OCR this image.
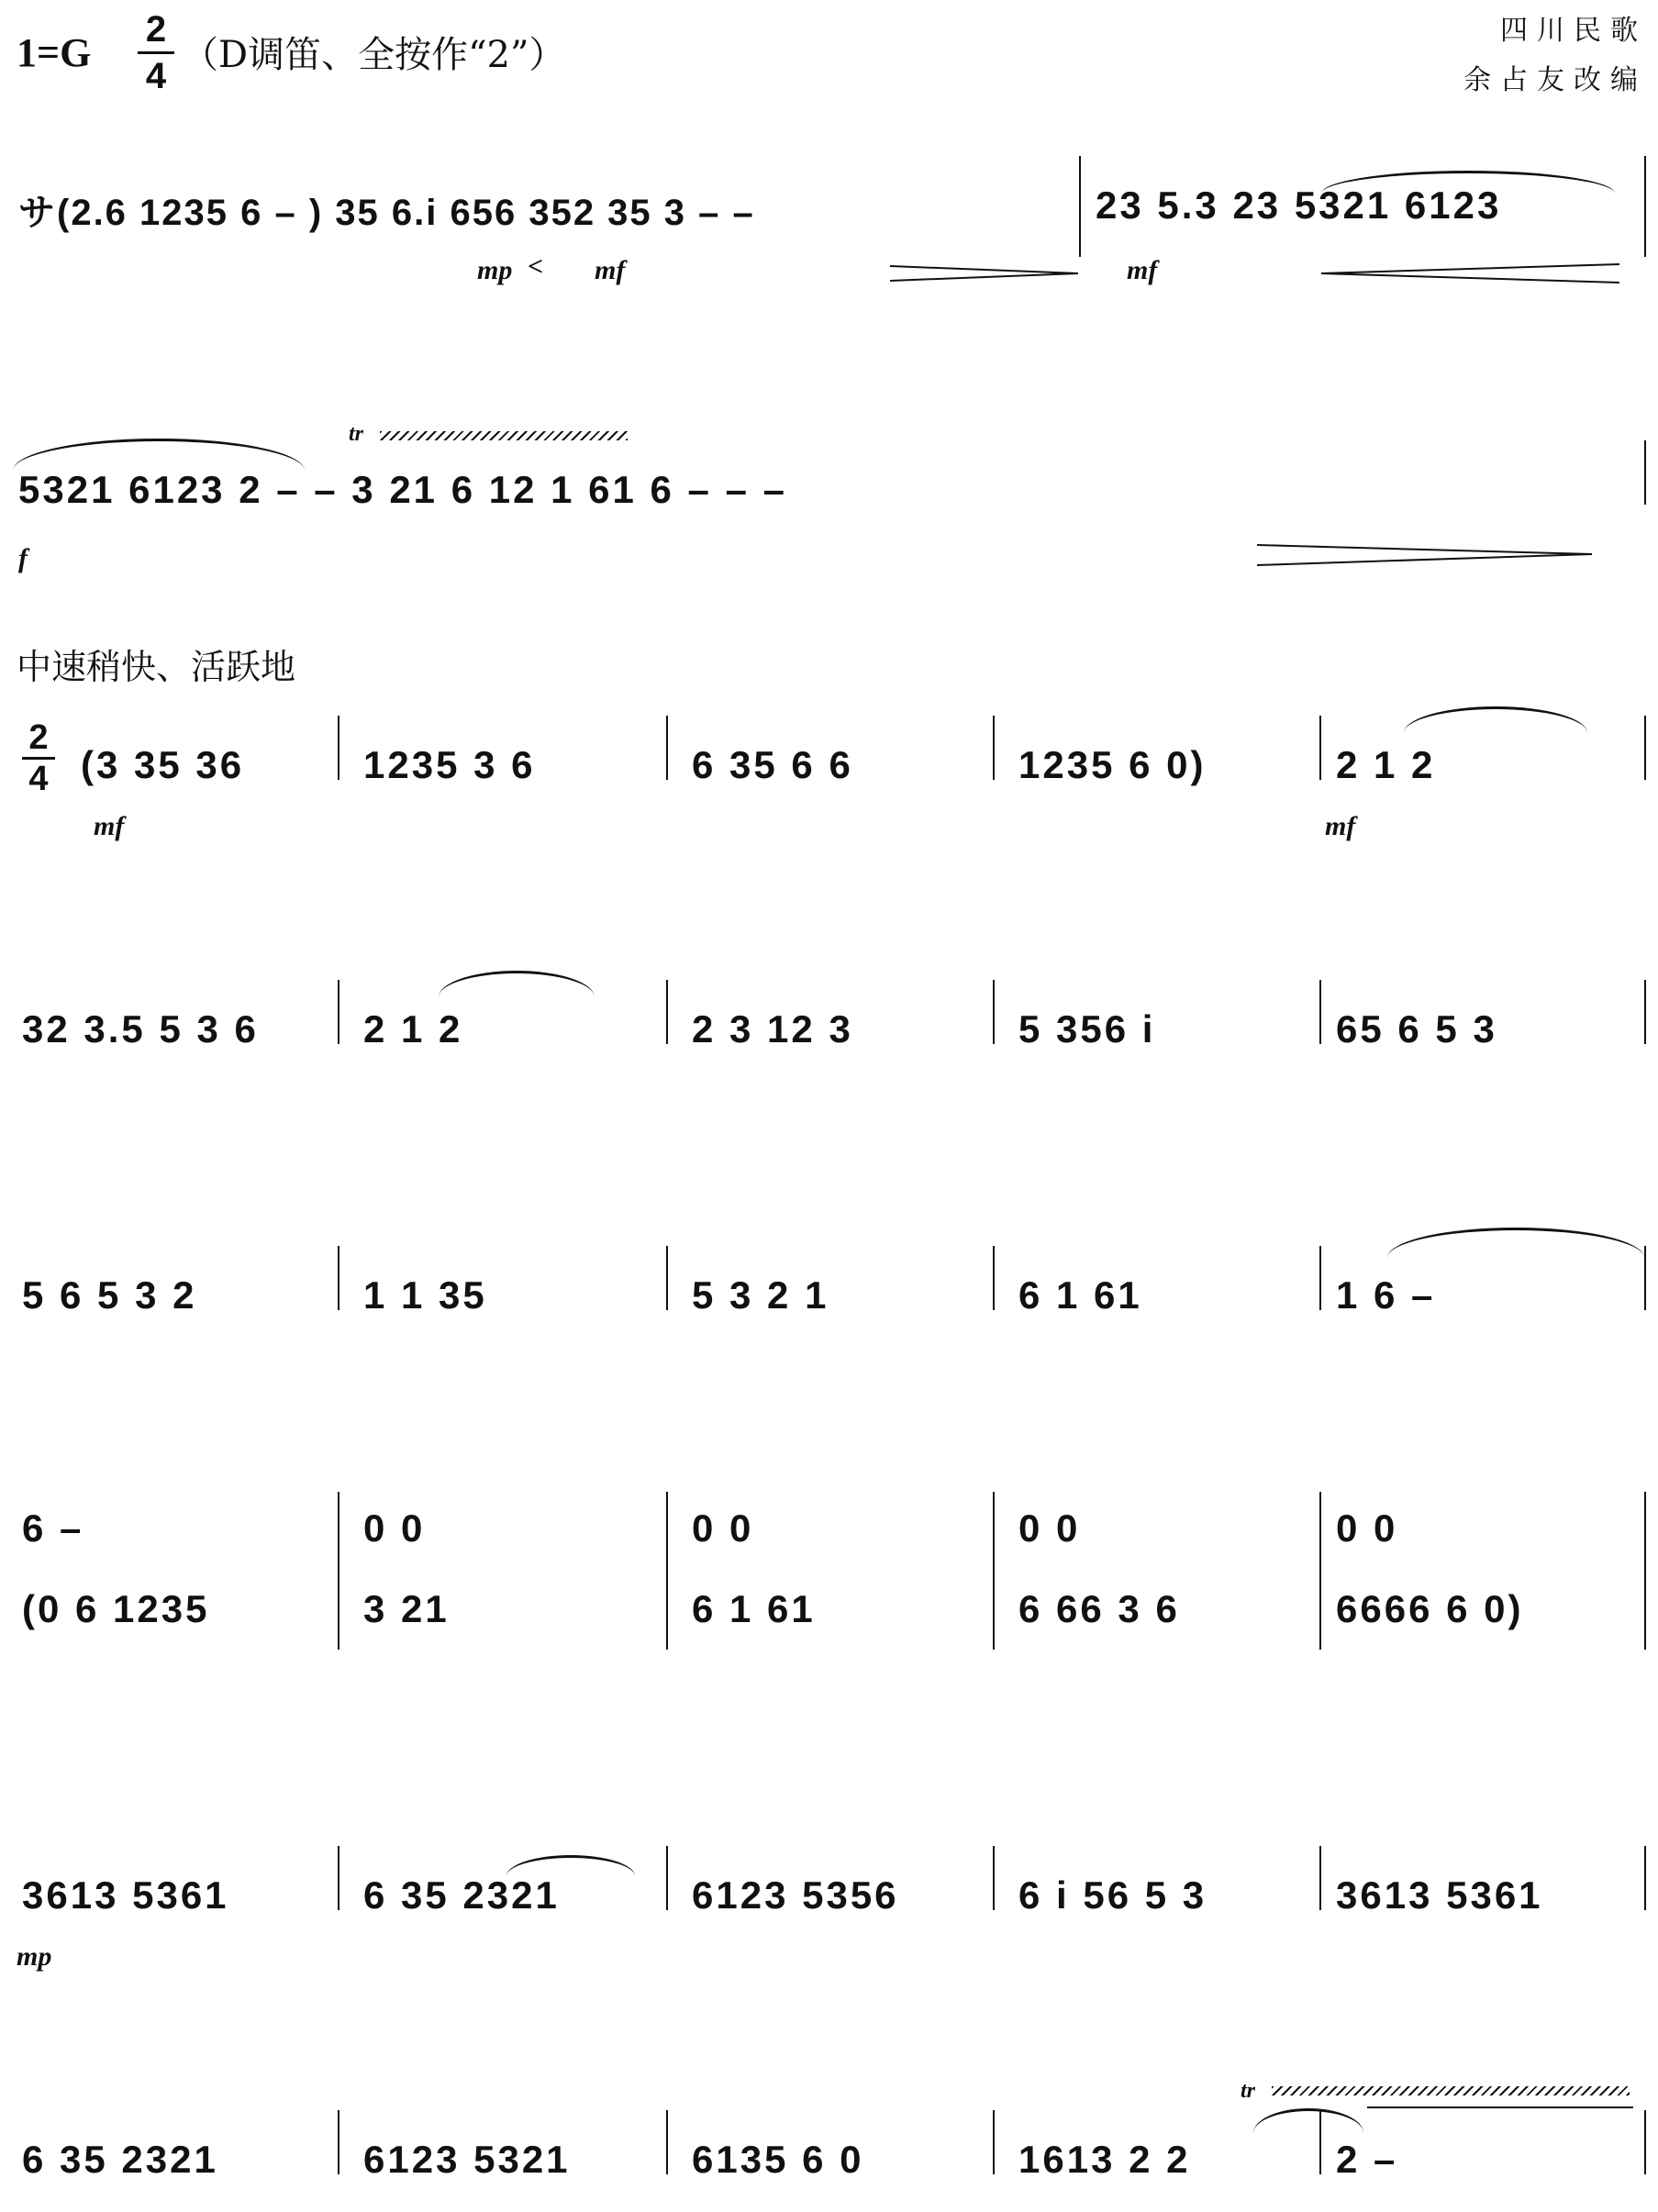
1=G
2
4 （D调笛、全按作“2”）
四川民歌
余占友改编
サ(2.6 1235 6 – ) 35 6.i 656 352 35 3 – –	23 5.3 23 5321 6123
mp < mf	mf
5321 6123 2 – – 3 21 6 12 1 61 6 – – –
f
tr
中速稍快、活跃地
2
4 (3 35 36	1235 3 6	6 35 6 6	1235 6 0)	2 1 2
mf	mf
32 3.5 5 3 6	2 1 2	2 3 12 3	5 356 i	65 6 5 3
5 6 5 3 2	1 1 35	5 3 2 1	6 1 61	1 6 –
6 –
(0 6 1235
0 0
3 21
0 0
6 1 61
0 0
6 66 3 6
0 0
6666 6 0)
3613 5361	6 35 2321	6123 5356	6 i 56 5 3	3613 5361
mp
6 35 2321	6123 5321	6135 6 0	1613 2 2	2 –
tr
